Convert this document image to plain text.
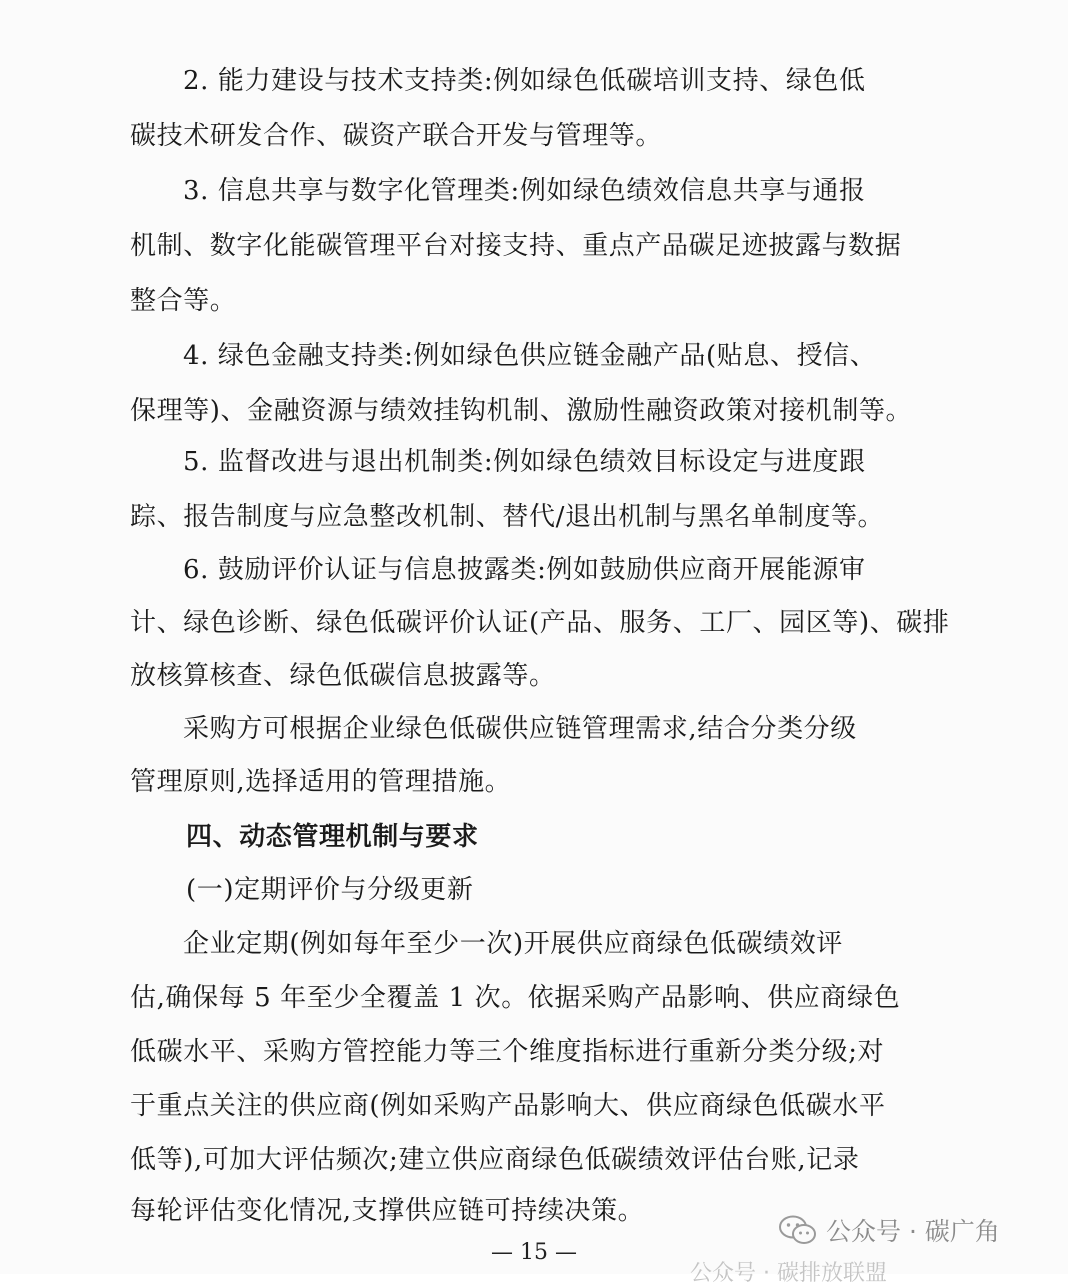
2. 能力建设与技术支持类:例如绿色低碳培训支持、绿色低
碳技术研发合作、碳资产联合开发与管理等。
3. 信息共享与数字化管理类:例如绿色绩效信息共享与通报
机制、数字化能碳管理平台对接支持、重点产品碳足迹披露与数据
整合等。
4. 绿色金融支持类:例如绿色供应链金融产品(贴息、授信、
保理等)、金融资源与绩效挂钩机制、激励性融资政策对接机制等。
5. 监督改进与退出机制类:例如绿色绩效目标设定与进度跟
踪、报告制度与应急整改机制、替代/退出机制与黑名单制度等。
6. 鼓励评价认证与信息披露类:例如鼓励供应商开展能源审
计、绿色诊断、绿色低碳评价认证(产品、服务、工厂、园区等)、碳排
放核算核查、绿色低碳信息披露等。
采购方可根据企业绿色低碳供应链管理需求,结合分类分级
管理原则,选择适用的管理措施。
四、动态管理机制与要求
(一)定期评价与分级更新
企业定期(例如每年至少一次)开展供应商绿色低碳绩效评
估,确保每 5 年至少全覆盖 1 次。依据采购产品影响、供应商绿色
低碳水平、采购方管控能力等三个维度指标进行重新分类分级;对
于重点关注的供应商(例如采购产品影响大、供应商绿色低碳水平
低等),可加大评估频次;建立供应商绿色低碳绩效评估台账,记录
每轮评估变化情况,支撑供应链可持续决策。
公众号 · 碳广角
— 15 —
公众号 · 碳排放联盟
